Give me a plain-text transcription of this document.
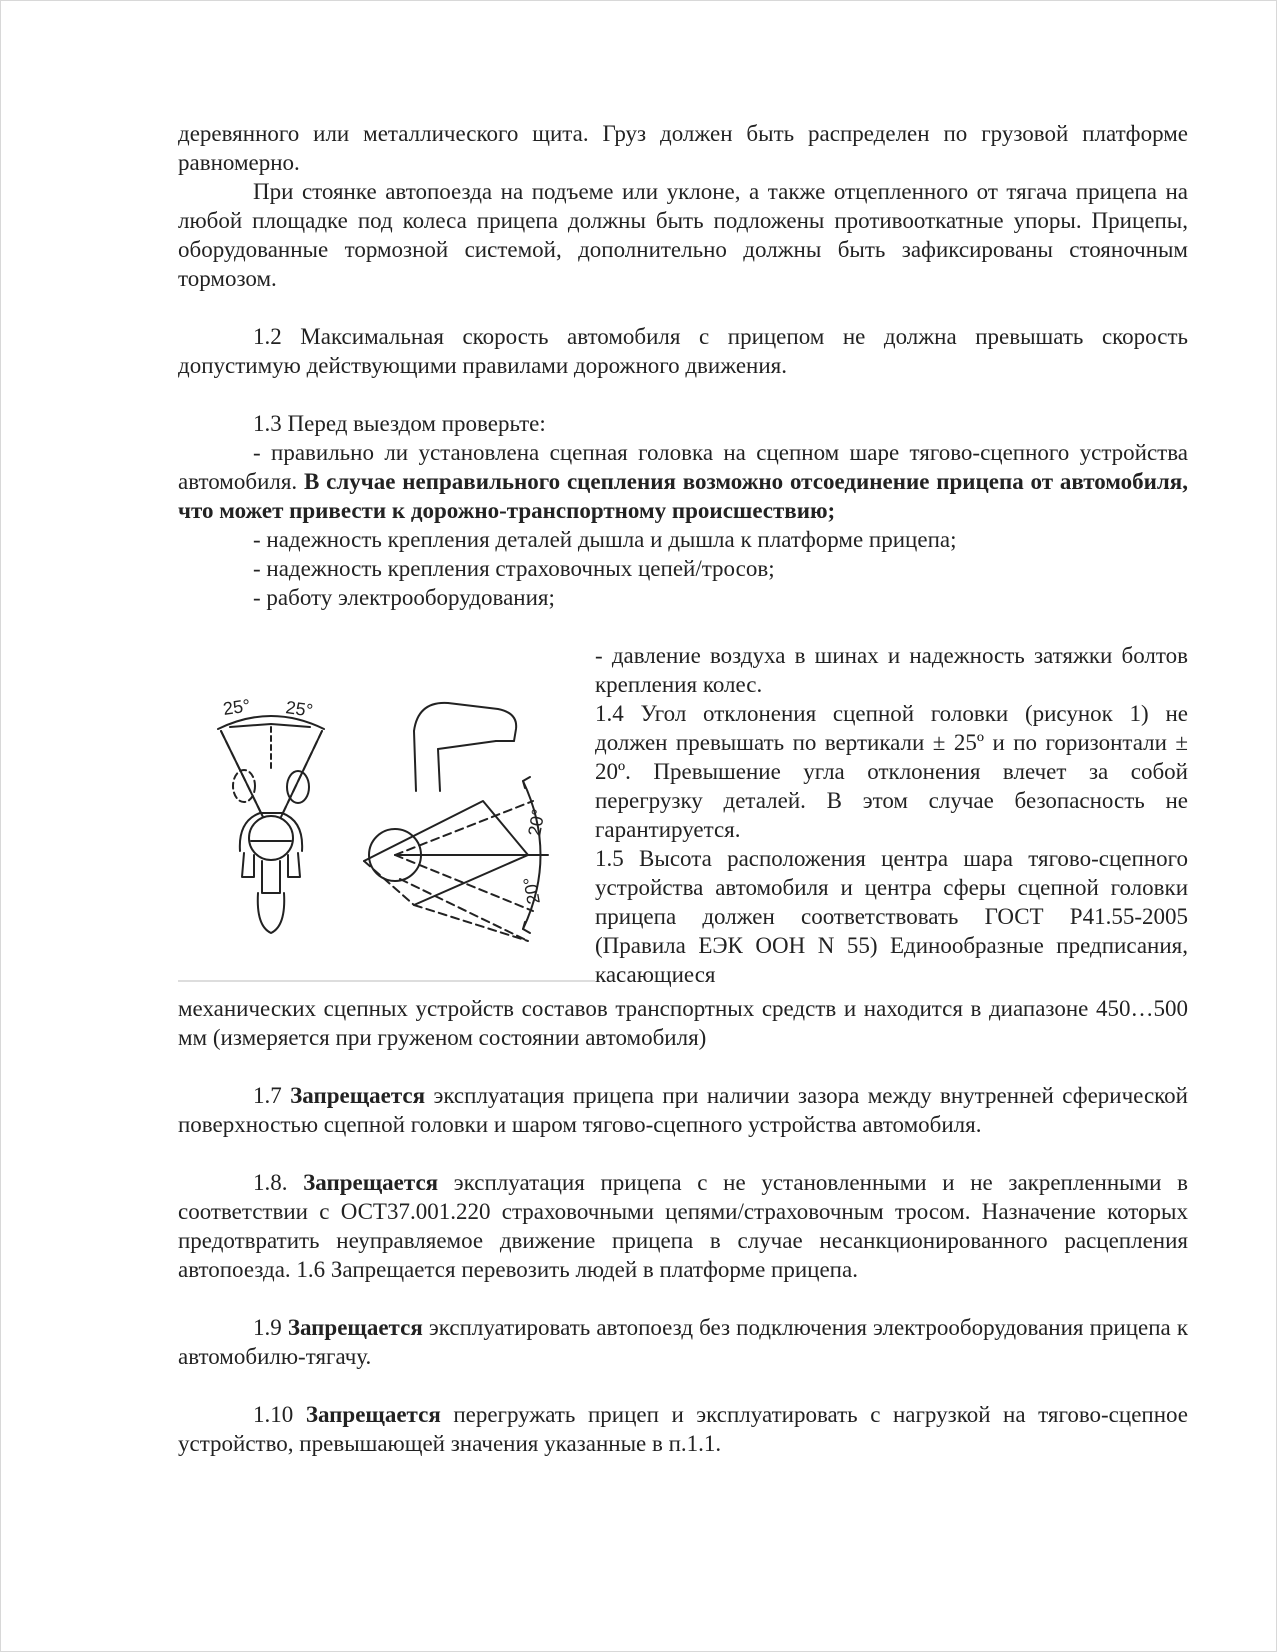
деревянного или металлического щита. Груз должен быть распределен по грузовой платформе равномерно.

При стоянке автопоезда на подъеме или уклоне, а также отцепленного от тягача прицепа на любой площадке под колеса прицепа должны быть подложены противооткатные упоры. Прицепы, оборудованные тормозной системой, дополнительно должны быть зафиксированы стояночным тормозом.

1.2 Максимальная скорость автомобиля с прицепом не должна превышать скорость допустимую действующими правилами дорожного движения.

1.3 Перед выездом проверьте:

- правильно ли установлена сцепная головка на сцепном шаре тягово-сцепного устройства автомобиля. В случае неправильного сцепления возможно отсоединение прицепа от автомобиля, что может привести к дорожно-транспортному происшествию;

- надежность крепления деталей дышла и дышла к платформе прицепа;

- надежность крепления страховочных цепей/тросов;

- работу электрооборудования;

25° 25°
20°
20°

- давление воздуха в шинах и надежность затяжки болтов крепления колес.

1.4 Угол отклонения сцепной головки (рисунок 1) не должен превышать по вертикали ± 25º и по горизонтали ± 20º. Превышение угла отклонения влечет за собой перегрузку деталей. В этом случае безопасность не гарантируется.

1.5 Высота расположения центра шара тягово-сцепного устройства автомобиля и центра сферы сцепной головки прицепа должен соответствовать ГОСТ Р41.55-2005 (Правила ЕЭК ООН N 55) Единообразные предписания, касающиеся

механических сцепных устройств составов транспортных средств и находится в диапазоне 450…500 мм (измеряется при груженом состоянии автомобиля)

1.7 Запрещается эксплуатация прицепа при наличии зазора между внутренней сферической поверхностью сцепной головки и шаром тягово-сцепного устройства автомобиля.

1.8. Запрещается эксплуатация прицепа с не установленными и не закрепленными в соответствии с ОСТ37.001.220 страховочными цепями/страховочным тросом. Назначение которых предотвратить неуправляемое движение прицепа в случае несанкционированного расцепления автопоезда. 1.6 Запрещается перевозить людей в платформе прицепа.

1.9 Запрещается эксплуатировать автопоезд без подключения электрооборудования прицепа к автомобилю-тягачу.

1.10 Запрещается перегружать прицеп и эксплуатировать с нагрузкой на тягово-сцепное устройство, превышающей значения указанные в п.1.1.
